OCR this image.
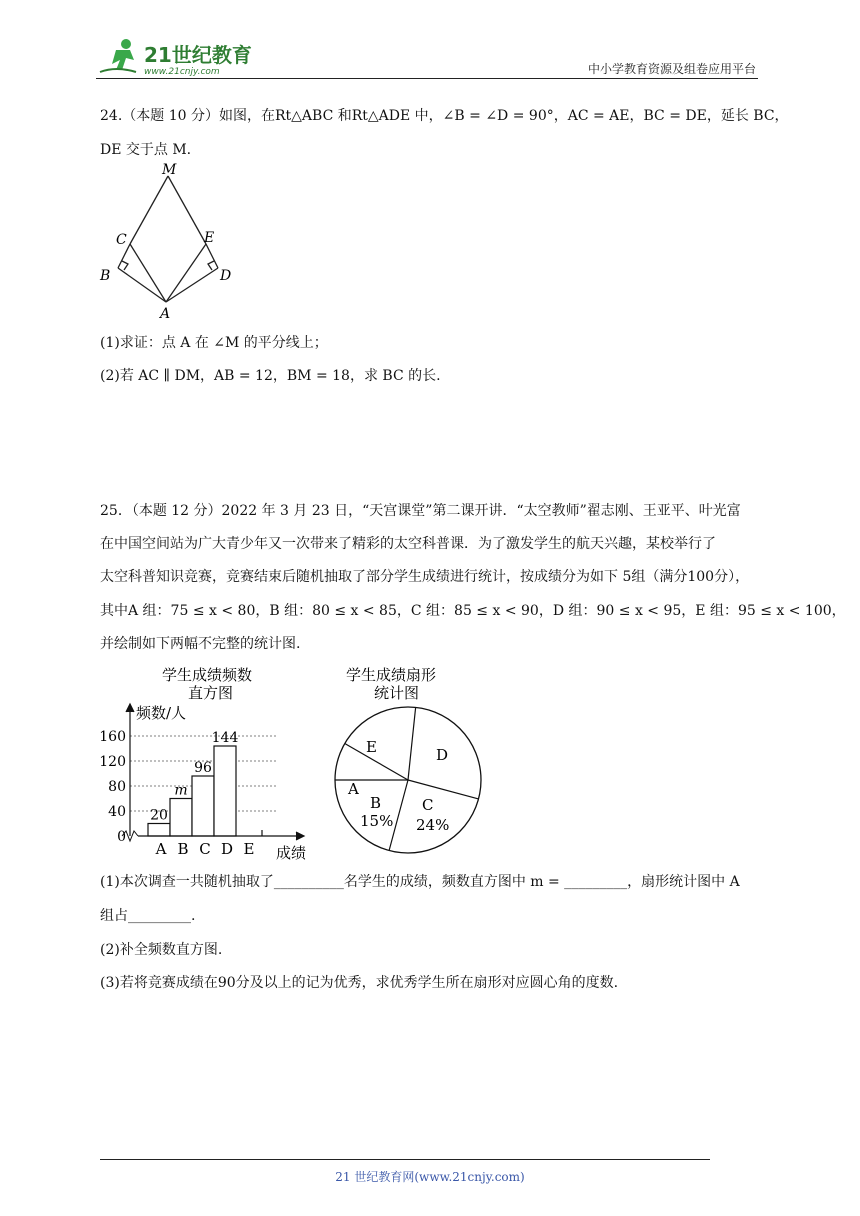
21世纪教育
www.21cnjy.com	中小学教育资源及组卷应用平台
24.（本题 10 分）如图，在Rt△ABC 和Rt△ADE 中，∠B = ∠D = 90°，AC = AE，BC = DE，延长 BC，
DE 交于点 M.
M
C	E
B	D
A
(1)求证：点 A 在 ∠M 的平分线上；
(2)若 AC ∥ DM，AB = 12，BM = 18，求 BC 的长.
25．（本题 12 分）2022 年 3 月 23 日，“天宫课堂”第二课开讲．“太空教师”翟志刚、王亚平、叶光富
在中国空间站为广大青少年又一次带来了精彩的太空科普课．为了激发学生的航天兴趣，某校举行了
太空科普知识竞赛，竞赛结束后随机抽取了部分学生成绩进行统计，按成绩分为如下 5组（满分100分），
其中A 组：75 ≤ x < 80，B 组：80 ≤ x < 85，C 组：85 ≤ x < 90，D 组：90 ≤ x < 95，E 组：95 ≤ x < 100，
并绘制如下两幅不完整的统计图.
学生成绩频数
直方图
频数/人
成绩
20
m
96
144
0
40
80
120
160
A B C D E
学生成绩扇形
统计图
A
B
15%
C
24%
D
E
(1)本次调查一共随机抽取了__________名学生的成绩，频数直方图中 m = _________，扇形统计图中 A
组占_________.
(2)补全频数直方图.
(3)若将竞赛成绩在90分及以上的记为优秀，求优秀学生所在扇形对应圆心角的度数.
21 世纪教育网(www.21cnjy.com)
